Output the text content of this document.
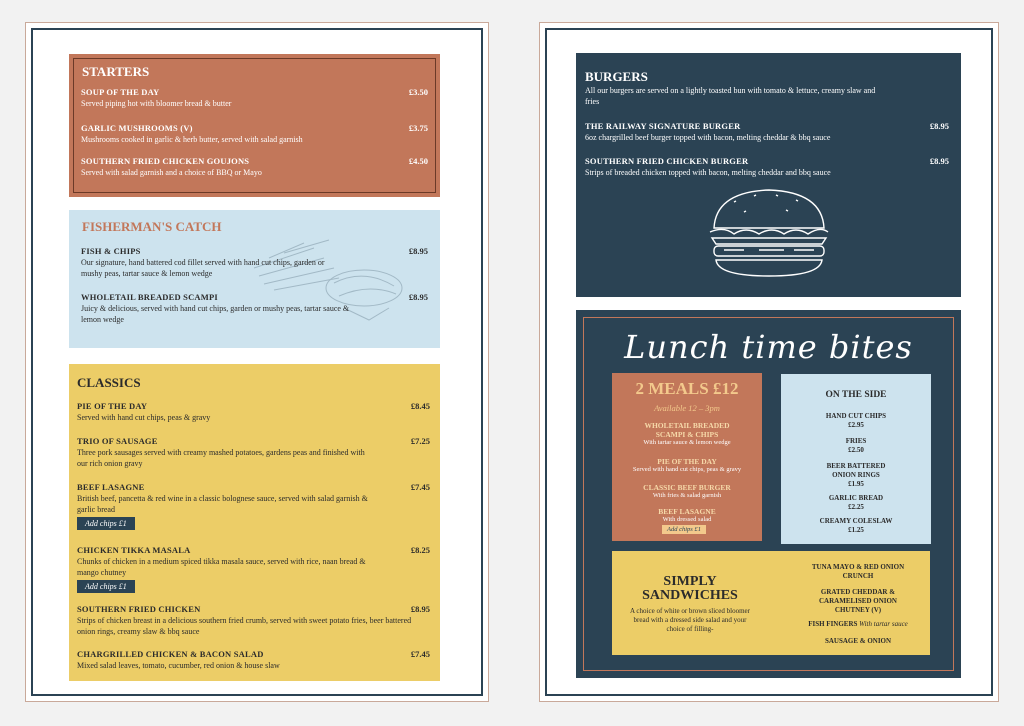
STARTERS
SOUP OF THE DAY
Served piping hot with bloomer bread & butter
£3.50
GARLIC MUSHROOMS (V)
Mushrooms cooked in garlic & herb butter, served with salad garnish
£3.75
SOUTHERN FRIED CHICKEN GOUJONS
Served with salad garnish and a choice of BBQ or Mayo
£4.50
FISHERMAN'S CATCH
FISH & CHIPS
Our signature, hand battered cod fillet served with hand cut chips, garden or mushy peas, tartar sauce & lemon wedge
£8.95
WHOLETAIL BREADED SCAMPI
Juicy & delicious, served with hand cut chips, garden or mushy peas, tartar sauce & lemon wedge
£8.95
CLASSICS
PIE OF THE DAY
Served with hand cut chips, peas & gravy
£8.45
TRIO OF SAUSAGE
Three pork sausages served with creamy mashed potatoes, gardens peas and finished with our rich onion gravy
£7.25
BEEF LASAGNE
British beef, pancetta & red wine in a classic bolognese sauce, served with salad garnish & garlic bread
£7.45
Add chips £1
CHICKEN TIKKA MASALA
Chunks of chicken in a medium spiced tikka masala sauce, served with rice, naan bread & mango chutney
£8.25
Add chips £1
SOUTHERN FRIED CHICKEN
Strips of chicken breast in a delicious southern fried crumb, served with sweet potato fries, beer battered onion rings, creamy slaw & bbq sauce
£8.95
CHARGRILLED CHICKEN & BACON SALAD
Mixed salad leaves, tomato, cucumber, red onion & house slaw
£7.45
BURGERS
All our burgers are served on a lightly toasted bun with tomato & lettuce, creamy slaw and fries
THE RAILWAY SIGNATURE BURGER
6oz chargrilled beef burger topped with bacon, melting cheddar & bbq sauce
£8.95
SOUTHERN FRIED CHICKEN BURGER
Strips of breaded chicken topped with bacon, melting cheddar and bbq sauce
£8.95
Lunch time bites
2 MEALS £12
Available 12 – 3pm
WHOLETAIL BREADED SCAMPI & CHIPS
With tartar sauce & lemon wedge
PIE OF THE DAY
Served with hand cut chips, peas & gravy
CLASSIC BEEF BURGER
With fries & salad garnish
BEEF LASAGNE
With dressed salad
Add chips £1
ON THE SIDE
HAND CUT CHIPS
£2.95
FRIES
£2.50
BEER BATTERED ONION RINGS
£1.95
GARLIC BREAD
£2.25
CREAMY COLESLAW
£1.25
SIMPLY
SANDWICHES
A choice of white or brown sliced bloomer bread with a dressed side salad and your choice of filling-
TUNA MAYO & RED ONION CRUNCH
GRATED CHEDDAR & CARAMELISED ONION CHUTNEY (V)
FISH FINGERS With tartar sauce
SAUSAGE & ONION
